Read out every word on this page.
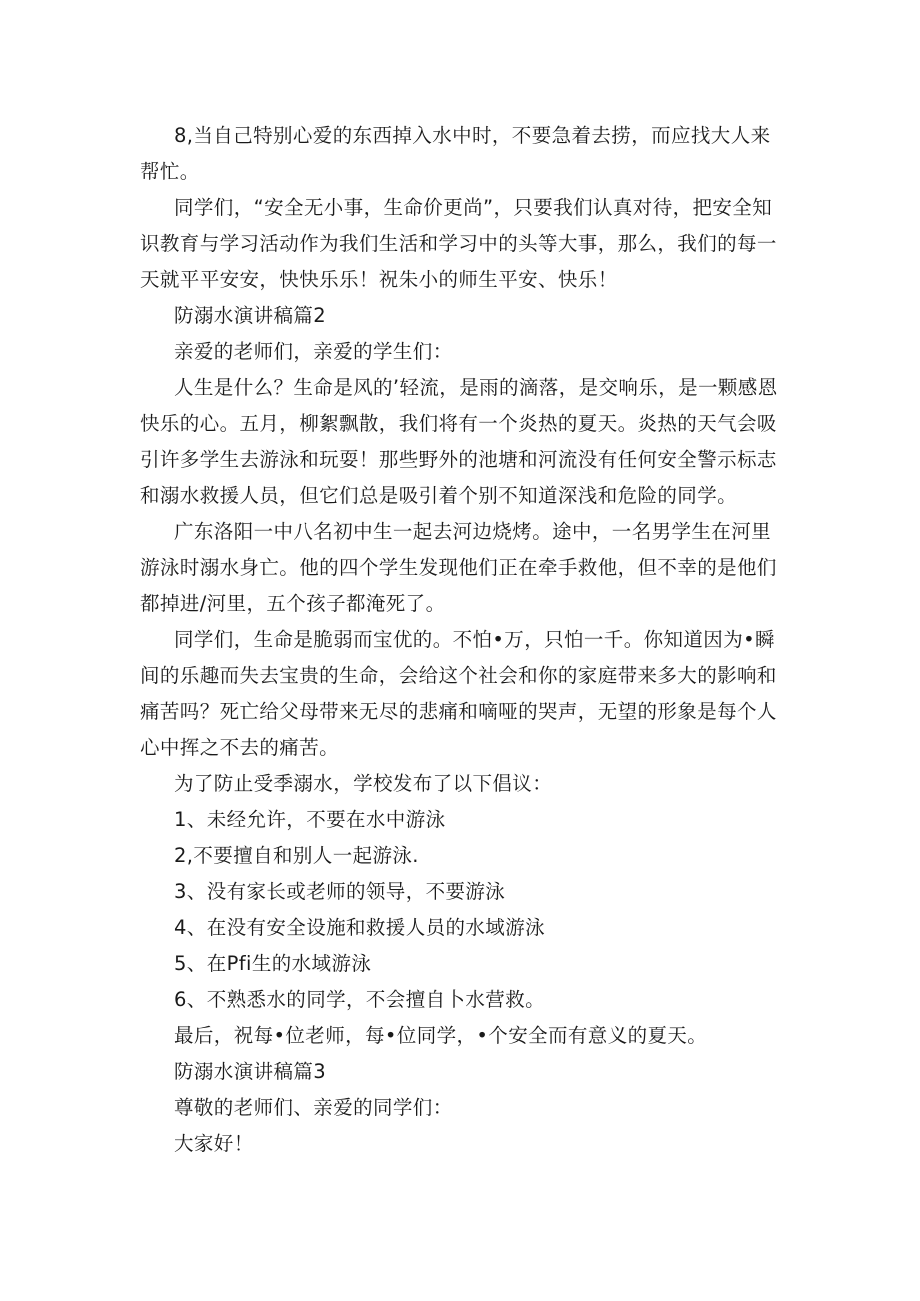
8,当自己特别心爱的东西掉入水中时，不要急着去捞，而应找大人来帮忙。

同学们，“安全无小事，生命价更尚”，只要我们认真对待，把安全知识教育与学习活动作为我们生活和学习中的头等大事，那么，我们的每一天就平平安安，快快乐乐！祝朱小的师生平安、快乐！

防溺水演讲稿篇2

亲爱的老师们，亲爱的学生们：

人生是什么？生命是风的’轻流，是雨的滴落，是交响乐，是一颗感恩快乐的心。五月，柳絮飘散，我们将有一个炎热的夏天。炎热的天气会吸引许多学生去游泳和玩耍！那些野外的池塘和河流没有任何安全警示标志和溺水救援人员，但它们总是吸引着个别不知道深浅和危险的同学。

广东洛阳一中八名初中生一起去河边烧烤。途中，一名男学生在河里游泳时溺水身亡。他的四个学生发现他们正在牵手救他，但不幸的是他们都掉进/河里，五个孩子都淹死了。

同学们，生命是脆弱而宝优的。不怕•万，只怕一千。你知道因为•瞬间的乐趣而失去宝贵的生命，会给这个社会和你的家庭带来多大的影响和痛苦吗？死亡给父母带来无尽的悲痛和嘀哑的哭声，无望的形象是每个人心中挥之不去的痛苦。

为了防止受季溺水，学校发布了以下倡议：

1、未经允许，不要在水中游泳

2,不要擅自和别人一起游泳.

3、没有家长或老师的领导，不要游泳

4、在没有安全设施和救援人员的水域游泳

5、在Pfi生的水域游泳

6、不熟悉水的同学，不会擅自卜水营救。

最后，祝每•位老师，每•位同学，•个安全而有意义的夏天。

防溺水演讲稿篇3

尊敬的老师们、亲爱的同学们：

大家好！
